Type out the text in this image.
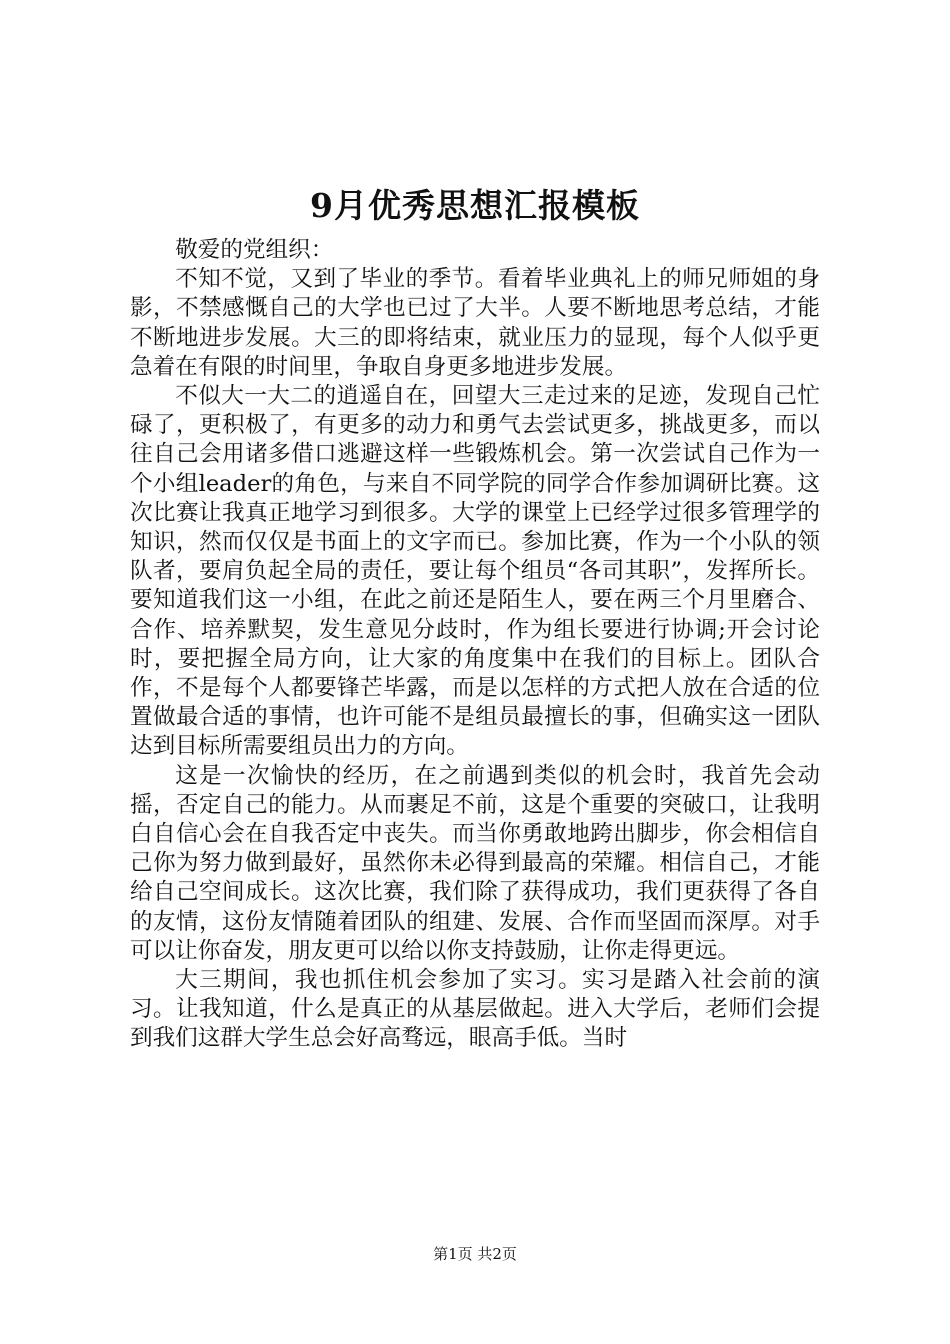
9月优秀思想汇报模板

敬爱的党组织：

不知不觉，又到了毕业的季节。看着毕业典礼上的师兄师姐的身影，不禁感慨自己的大学也已过了大半。人要不断地思考总结，才能不断地进步发展。大三的即将结束，就业压力的显现，每个人似乎更急着在有限的时间里，争取自身更多地进步发展。

不似大一大二的逍遥自在，回望大三走过来的足迹，发现自己忙碌了，更积极了，有更多的动力和勇气去尝试更多，挑战更多，而以往自己会用诸多借口逃避这样一些锻炼机会。第一次尝试自己作为一个小组leader的角色，与来自不同学院的同学合作参加调研比赛。这次比赛让我真正地学习到很多。大学的课堂上已经学过很多管理学的知识，然而仅仅是书面上的文字而已。参加比赛，作为一个小队的领队者，要肩负起全局的责任，要让每个组员“各司其职”，发挥所长。要知道我们这一小组，在此之前还是陌生人，要在两三个月里磨合、合作、培养默契，发生意见分歧时，作为组长要进行协调;开会讨论时，要把握全局方向，让大家的角度集中在我们的目标上。团队合作，不是每个人都要锋芒毕露，而是以怎样的方式把人放在合适的位置做最合适的事情，也许可能不是组员最擅长的事，但确实这一团队达到目标所需要组员出力的方向。

这是一次愉快的经历，在之前遇到类似的机会时，我首先会动摇，否定自己的能力。从而裹足不前，这是个重要的突破口，让我明白自信心会在自我否定中丧失。而当你勇敢地跨出脚步，你会相信自己你为努力做到最好，虽然你未必得到最高的荣耀。相信自己，才能给自己空间成长。这次比赛，我们除了获得成功，我们更获得了各自的友情，这份友情随着团队的组建、发展、合作而坚固而深厚。对手可以让你奋发，朋友更可以给以你支持鼓励，让你走得更远。

大三期间，我也抓住机会参加了实习。实习是踏入社会前的演习。让我知道，什么是真正的从基层做起。进入大学后，老师们会提到我们这群大学生总会好高骛远，眼高手低。当时

第1页 共2页
